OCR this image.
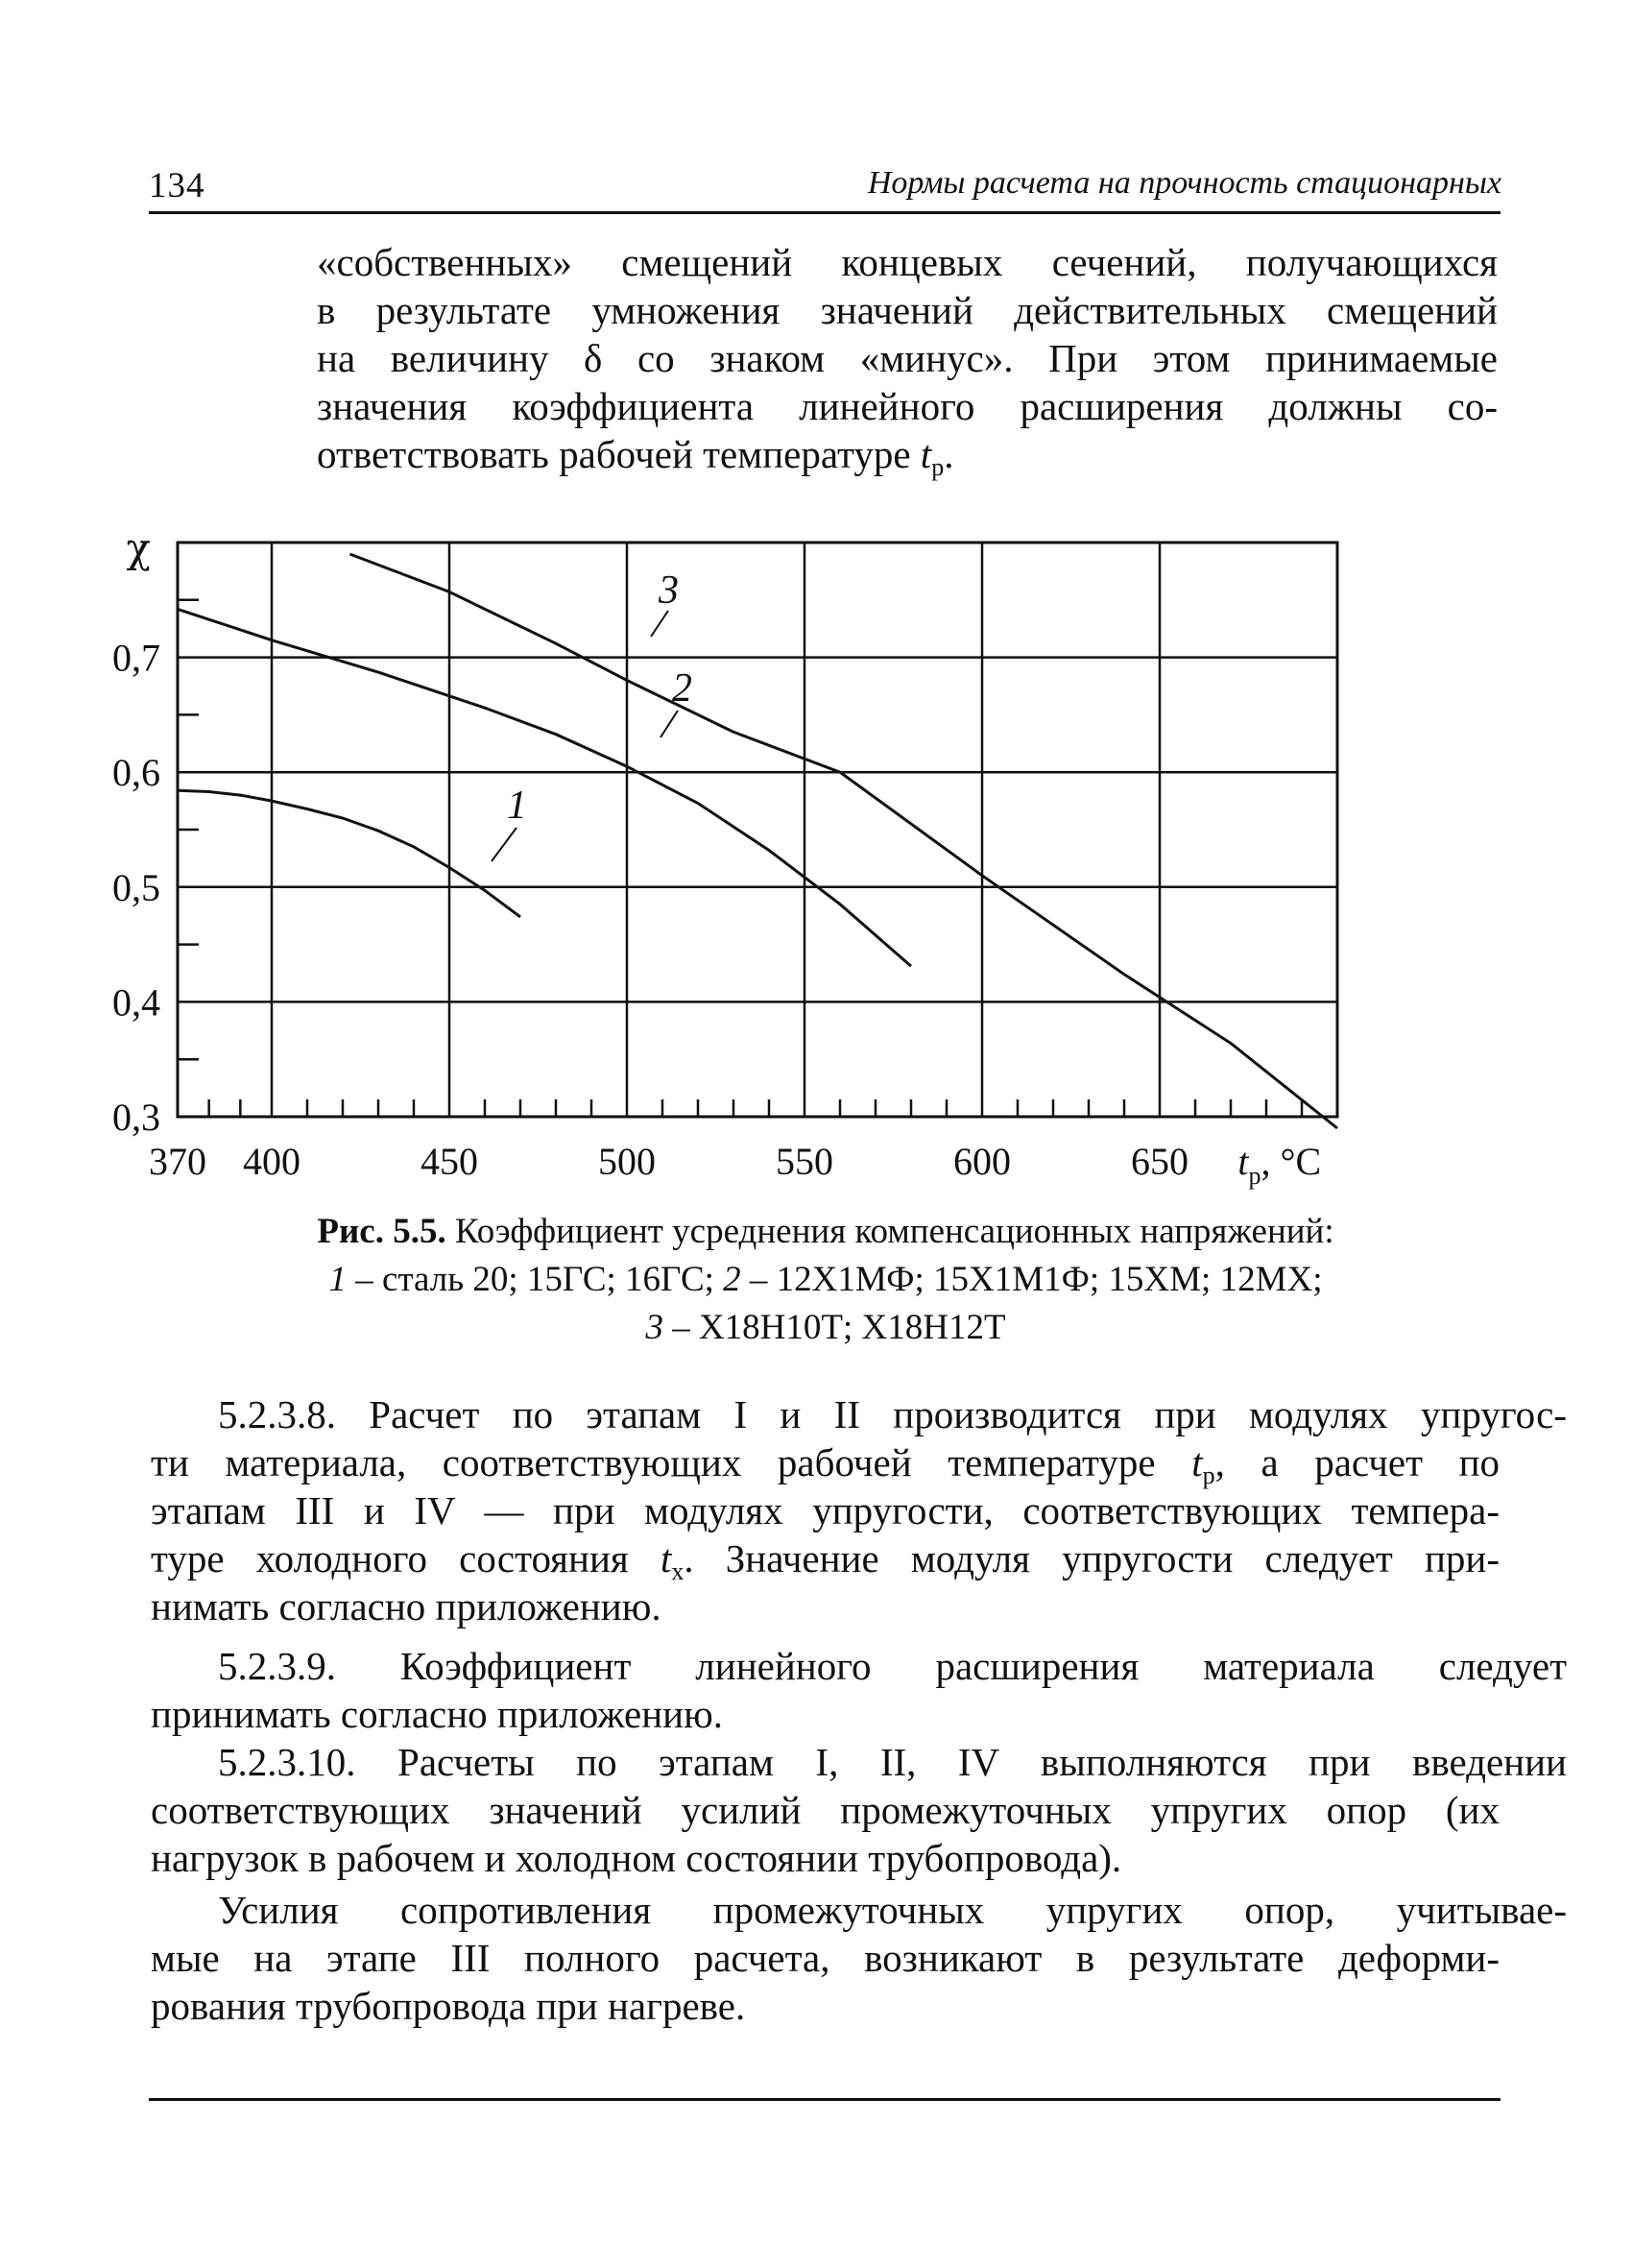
134	Нормы расчета на прочность стационарных

«собственных» смещений концевых сечений, получающихся
в результате умножения значений действительных смещений
на величину δ со знаком «минус». При этом принимаемые
значения коэффициента линейного расширения должны со-
ответствовать рабочей температуре $t_р$.

3
2
1
0,7
0,6
0,5
0,4
0,3
χ
370 400	450	500	550	600	650 $t_р$, °C
Рис. 5.5. Коэффициент усреднения компенсационных напряжений:
1 – сталь 20; 15ГС; 16ГС; 2 – 12Х1МФ; 15Х1М1Ф; 15ХМ; 12МХ;
3 – Х18Н10Т; Х18Н12Т

5.2.3.8. Расчет по этапам I и II производится при модулях упругос-

ти материала, соответствующих рабочей температуре $t_р$, а расчет по
этапам III и IV — при модулях упругости, соответствующих темпера-
туре холодного состояния $t_х$. Значение модуля упругости следует при-
нимать согласно приложению.

5.2.3.9. Коэффициент линейного расширения материала следует

принимать согласно приложению.

5.2.3.10. Расчеты по этапам I, II, IV выполняются при введении

соответствующих значений усилий промежуточных упругих опор (их
нагрузок в рабочем и холодном состоянии трубопровода).

Усилия сопротивления промежуточных упругих опор, учитывае-

мые на этапе III полного расчета, возникают в результате деформи-
рования трубопровода при нагреве.
